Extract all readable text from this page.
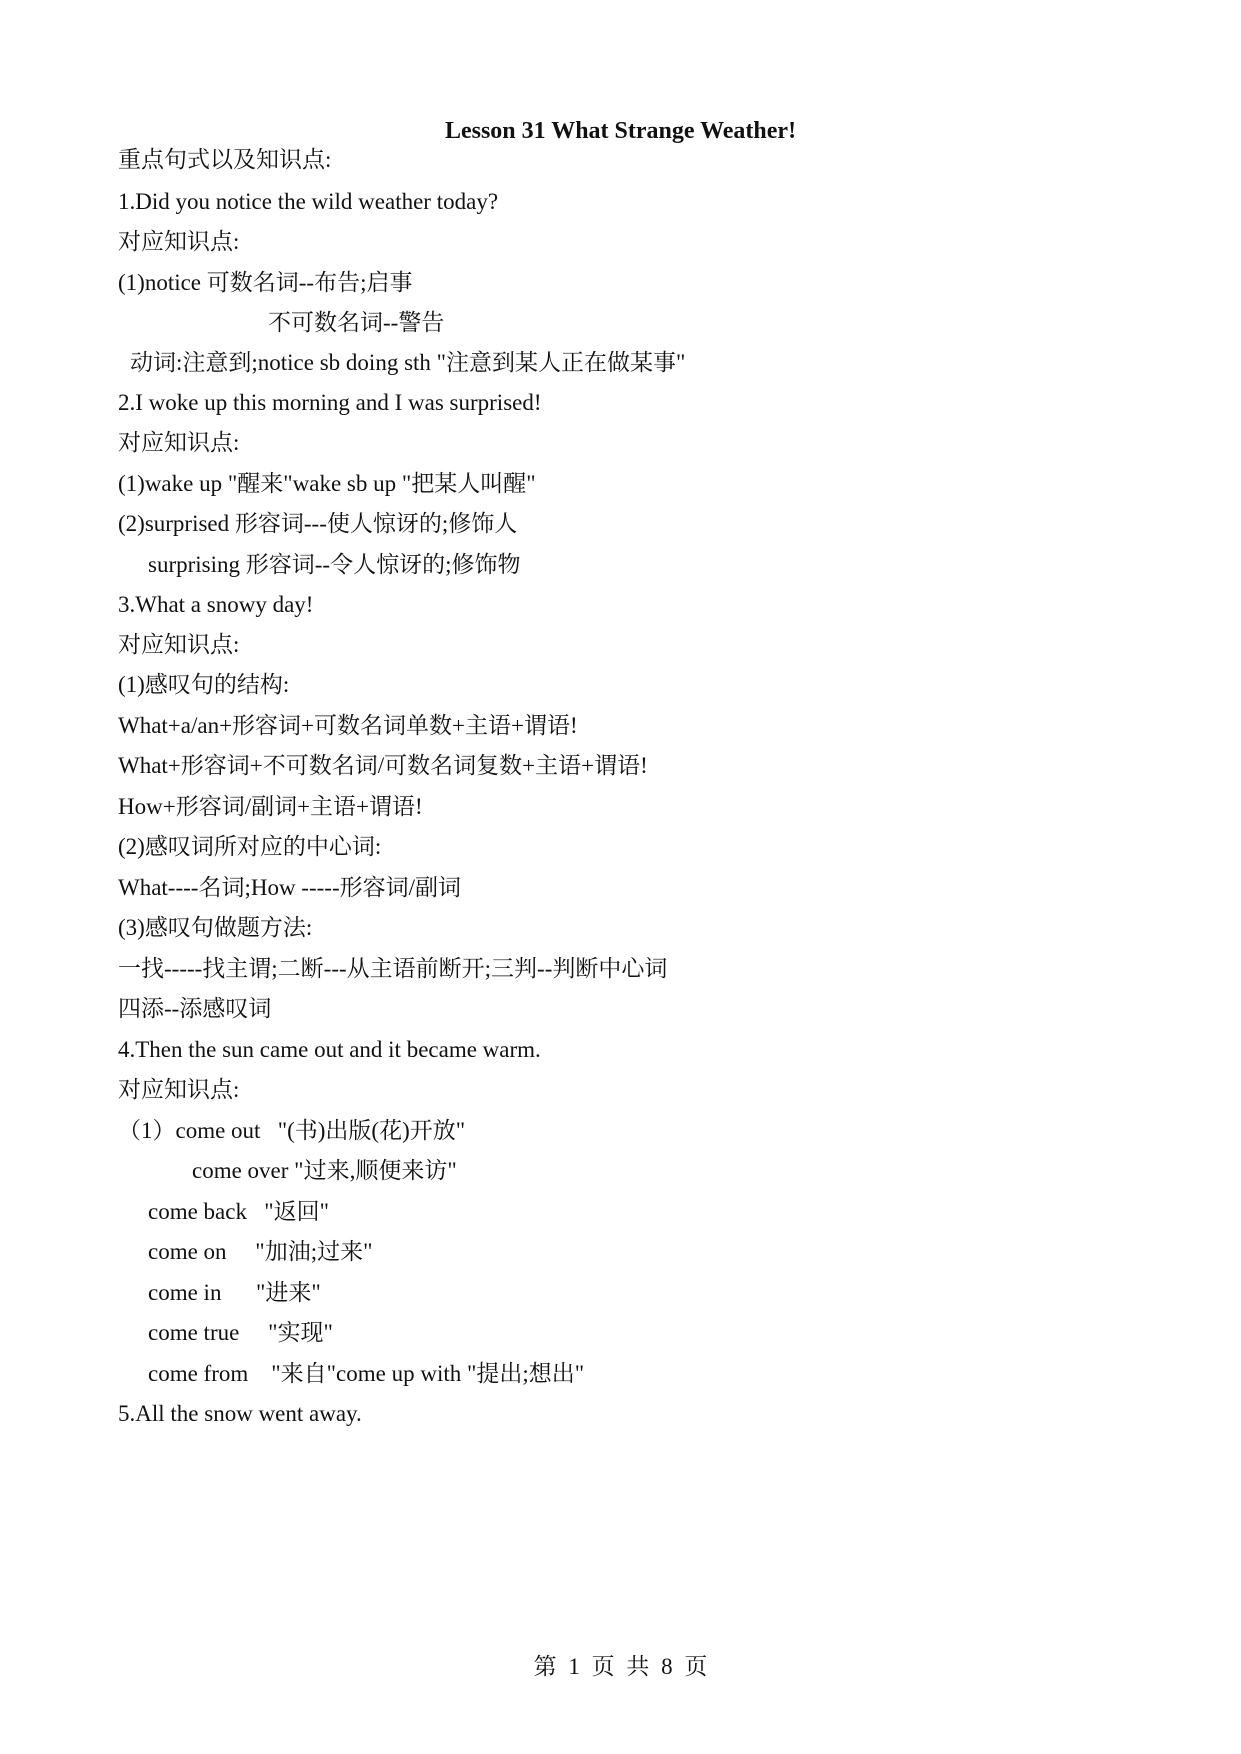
Lesson 31 What Strange Weather!
重点句式以及知识点:
1.Did you notice the wild weather today?
对应知识点:
(1)notice 可数名词--布告;启事
不可数名词--警告
动词:注意到;notice sb doing sth "注意到某人正在做某事"
2.I woke up this morning and I was surprised!
对应知识点:
(1)wake up "醒来"wake sb up "把某人叫醒"
(2)surprised 形容词---使人惊讶的;修饰人
surprising 形容词--令人惊讶的;修饰物
3.What a snowy day!
对应知识点:
(1)感叹句的结构:
What+a/an+形容词+可数名词单数+主语+谓语!
What+形容词+不可数名词/可数名词复数+主语+谓语!
How+形容词/副词+主语+谓语!
(2)感叹词所对应的中心词:
What----名词;How -----形容词/副词
(3)感叹句做题方法:
一找-----找主谓;二断---从主语前断开;三判--判断中心词
四添--添感叹词
4.Then the sun came out and it became warm.
对应知识点:
（1）come out   "(书)出版(花)开放"
come over "过来,顺便来访"
come back   "返回"
come on     "加油;过来"
come in      "进来"
come true     "实现"
come from    "来自"come up with "提出;想出"
5.All the snow went away.
第 1 页 共 8 页
